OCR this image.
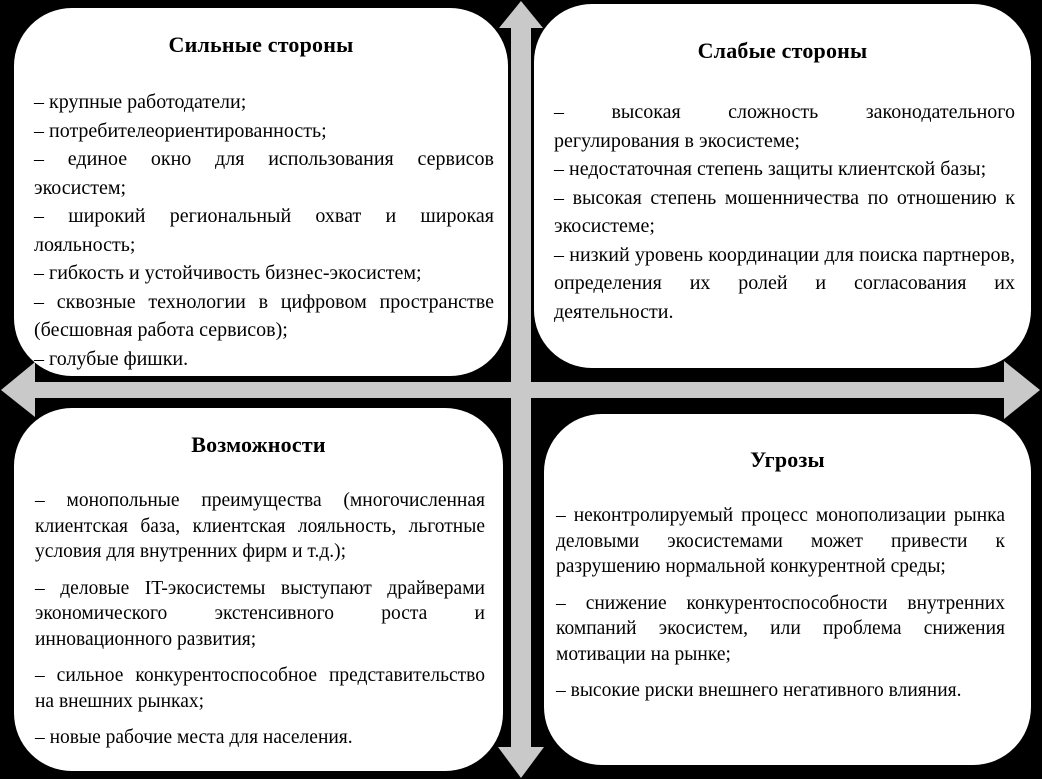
Сильные стороны
– крупные работодатели;
– потребителеориентированность;
– единое окно для использования сервисов экосистем;
– широкий региональный охват и широкая лояльность;
– гибкость и устойчивость бизнес-экосистем;
– сквозные технологии в цифровом пространстве (бесшовная работа сервисов);
– голубые фишки.
Слабые стороны
– высокая сложность законодательного регулирования в экосистеме;
– недостаточная степень защиты клиентской базы;
– высокая степень мошенничества по отношению к экосистеме;
– низкий уровень координации для поиска партнеров, определения их ролей и согласования их деятельности.
Возможности
– монопольные преимущества (многочисленная клиентская база, клиентская лояльность, льготные условия для внутренних фирм и т.д.);
– деловые IT-экосистемы выступают драйверами экономического экстенсивного роста и инновационного развития;
– сильное конкурентоспособное представительство на внешних рынках;
– новые рабочие места для населения.
Угрозы
– неконтролируемый процесс монополизации рынка деловыми экосистемами может привести к разрушению нормальной конкурентной среды;
– снижение конкурентоспособности внутренних компаний экосистем, или проблема снижения мотивации на рынке;
– высокие риски внешнего негативного влияния.
